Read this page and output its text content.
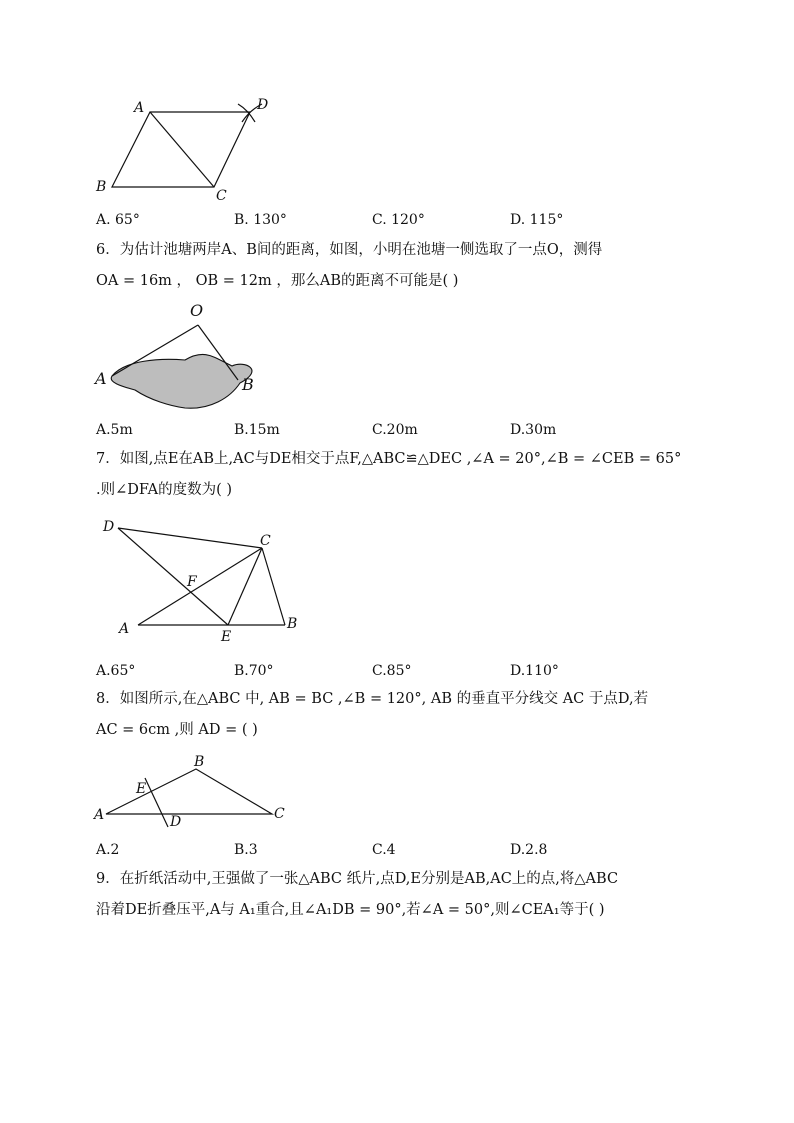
A	D
B
C
A. 65°	B. 130°	C. 120°	D. 115°
6．为估计池塘两岸A、B间的距离，如图，小明在池塘一侧选取了一点O，测得
OA = 16m ， OB = 12m ，那么AB的距离不可能是( )
O
A	B
A.5m	B.15m	C.20m	D.30m
7．如图,点E在AB上,AC与DE相交于点F,△ABC≌△DEC ,∠A = 20°,∠B = ∠CEB = 65°
.则∠DFA的度数为( )
D
C
F
A	E
B
A.65°	B.70°	C.85°	D.110°
8．如图所示,在△ABC 中, AB = BC ,∠B = 120°, AB 的垂直平分线交 AC 于点D,若
AC = 6cm ,则 AD = ( )
B
E
A	D	C
A.2	B.3	C.4	D.2.8
9．在折纸活动中,王强做了一张△ABC 纸片,点D,E分别是AB,AC上的点,将△ABC
沿着DE折叠压平,A与 A₁重合,且∠A₁DB = 90°,若∠A = 50°,则∠CEA₁等于( )
